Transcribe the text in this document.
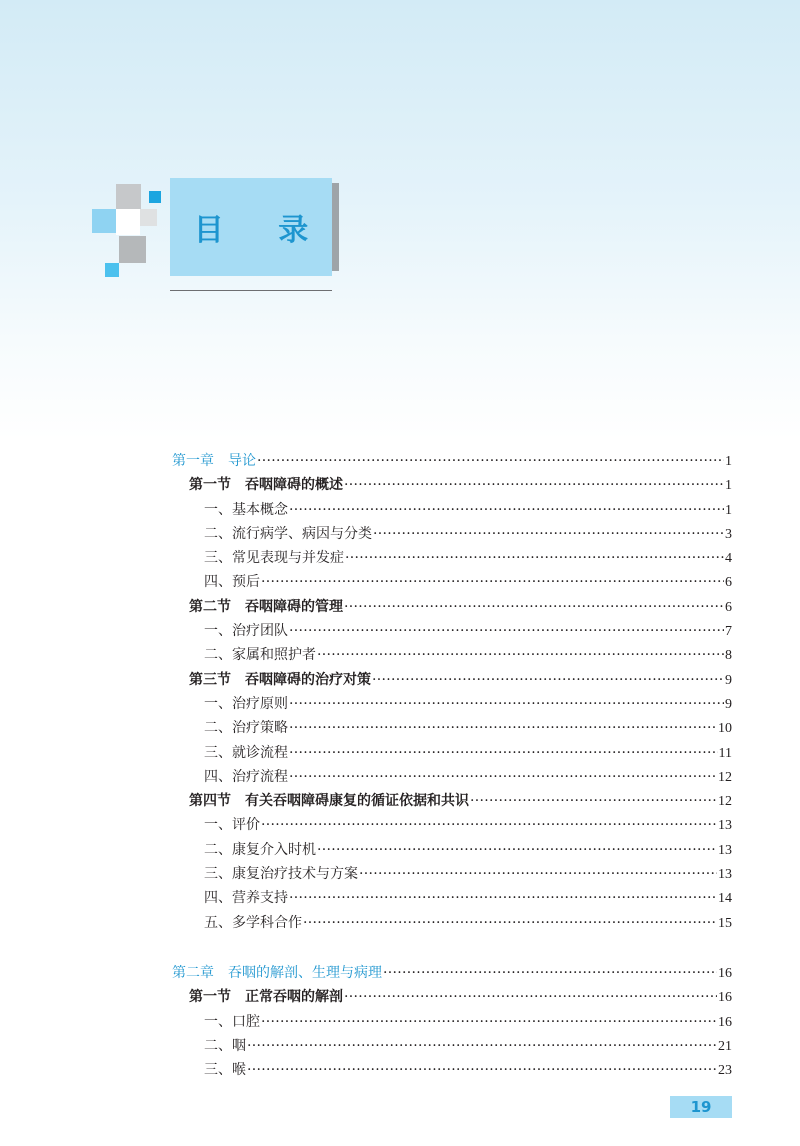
目 录
第一章　导论 ·····	1
第一节　吞咽障碍的概述 ·····	1
一、基本概念 ·····	1
二、流行病学、病因与分类 ·····	3
三、常见表现与并发症 ·····	4
四、预后 ·····	6
第二节　吞咽障碍的管理 ·····	6
一、治疗团队 ·····	7
二、家属和照护者 ·····	8
第三节　吞咽障碍的治疗对策 ·····	9
一、治疗原则 ·····	9
二、治疗策略 ·····	10
三、就诊流程 ·····	11
四、治疗流程 ·····	12
第四节　有关吞咽障碍康复的循证依据和共识 ·····	12
一、评价 ·····	13
二、康复介入时机 ·····	13
三、康复治疗技术与方案 ·····	13
四、营养支持 ·····	14
五、多学科合作 ·····	15
第二章　吞咽的解剖、生理与病理 ·····	16
第一节　正常吞咽的解剖 ·····	16
一、口腔 ·····	16
二、咽 ·····	21
三、喉 ·····	23
19
